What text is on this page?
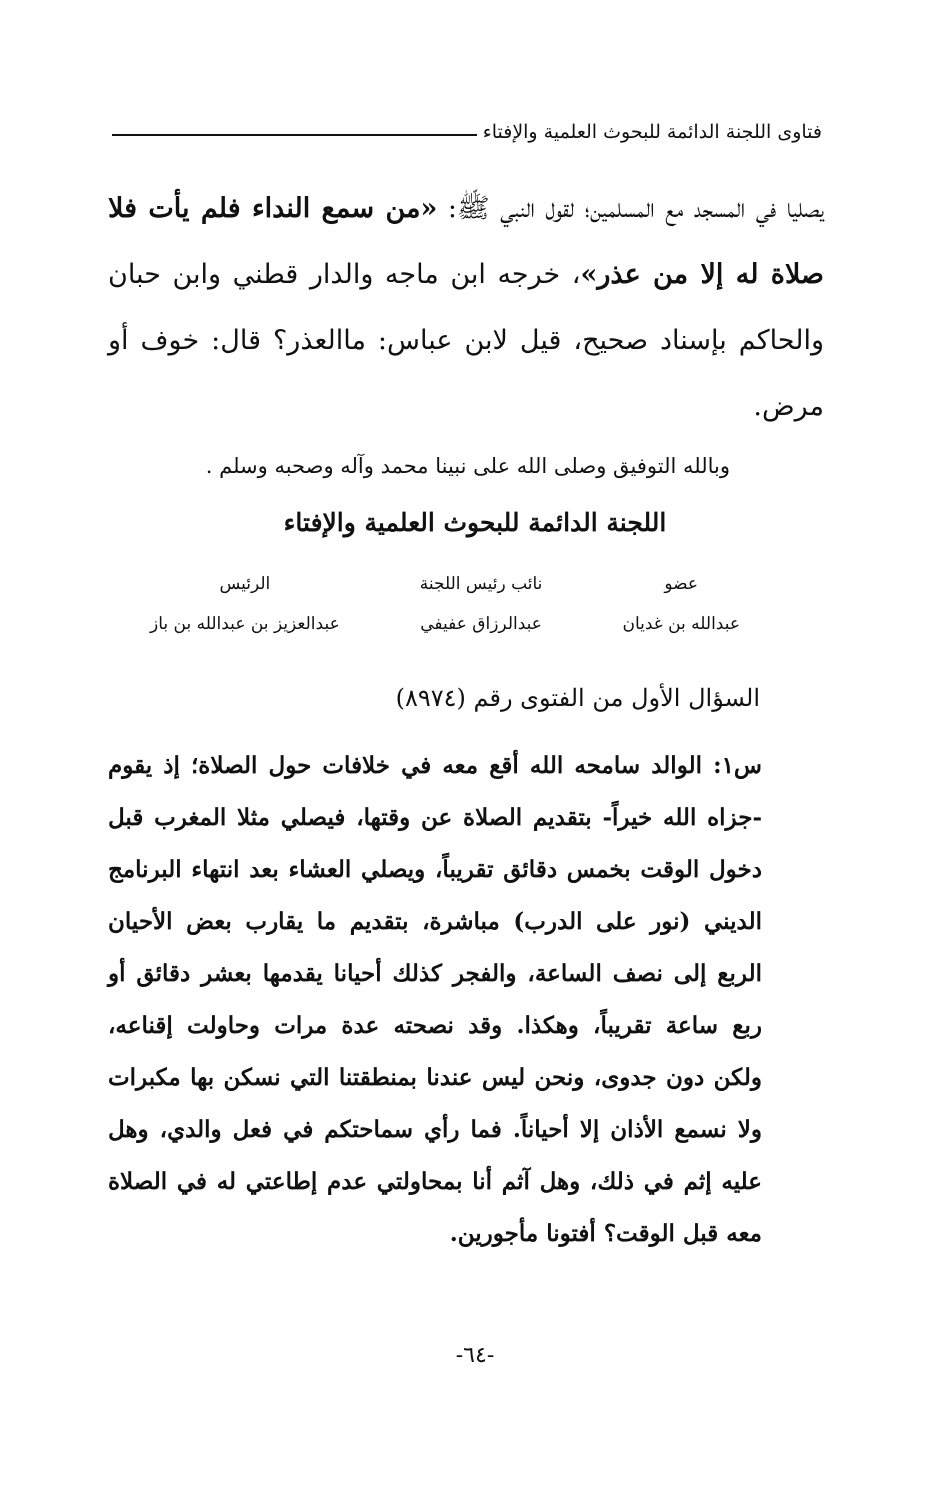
فتاوى اللجنة الدائمة للبحوث العلمية والإفتاء
يصليا في المسجد مع المسلمين؛ لقول النبي ﷺ: «من سمع النداء فلم يأت فلا صلاة له إلا من عذر»، خرجه ابن ماجه والدار قطني وابن حبان والحاكم بإسناد صحيح، قيل لابن عباس: ماالعذر؟ قال: خوف أو مرض.
وبالله التوفيق وصلى الله على نبينا محمد وآله وصحبه وسلم .
اللجنة الدائمة للبحوث العلمية والإفتاء
عضو
عبدالله بن غديان
نائب رئيس اللجنة
عبدالرزاق عفيفي
الرئيس
عبدالعزيز بن عبدالله بن باز
السؤال الأول من الفتوى رقم (٨٩٧٤)
س١: الوالد سامحه الله أقع معه في خلافات حول الصلاة؛ إذ يقوم -جزاه الله خيراً- بتقديم الصلاة عن وقتها، فيصلي مثلا المغرب قبل دخول الوقت بخمس دقائق تقريباً، ويصلي العشاء بعد انتهاء البرنامج الديني (نور على الدرب) مباشرة، بتقديم ما يقارب بعض الأحيان الربع إلى نصف الساعة، والفجر كذلك أحيانا يقدمها بعشر دقائق أو ربع ساعة تقريباً، وهكذا. وقد نصحته عدة مرات وحاولت إقناعه، ولكن دون جدوى، ونحن ليس عندنا بمنطقتنا التي نسكن بها مكبرات ولا نسمع الأذان إلا أحياناً. فما رأي سماحتكم في فعل والدي، وهل عليه إثم في ذلك، وهل آثم أنا بمحاولتي عدم إطاعتي له في الصلاة معه قبل الوقت؟ أفتونا مأجورين.
-٦٤-
